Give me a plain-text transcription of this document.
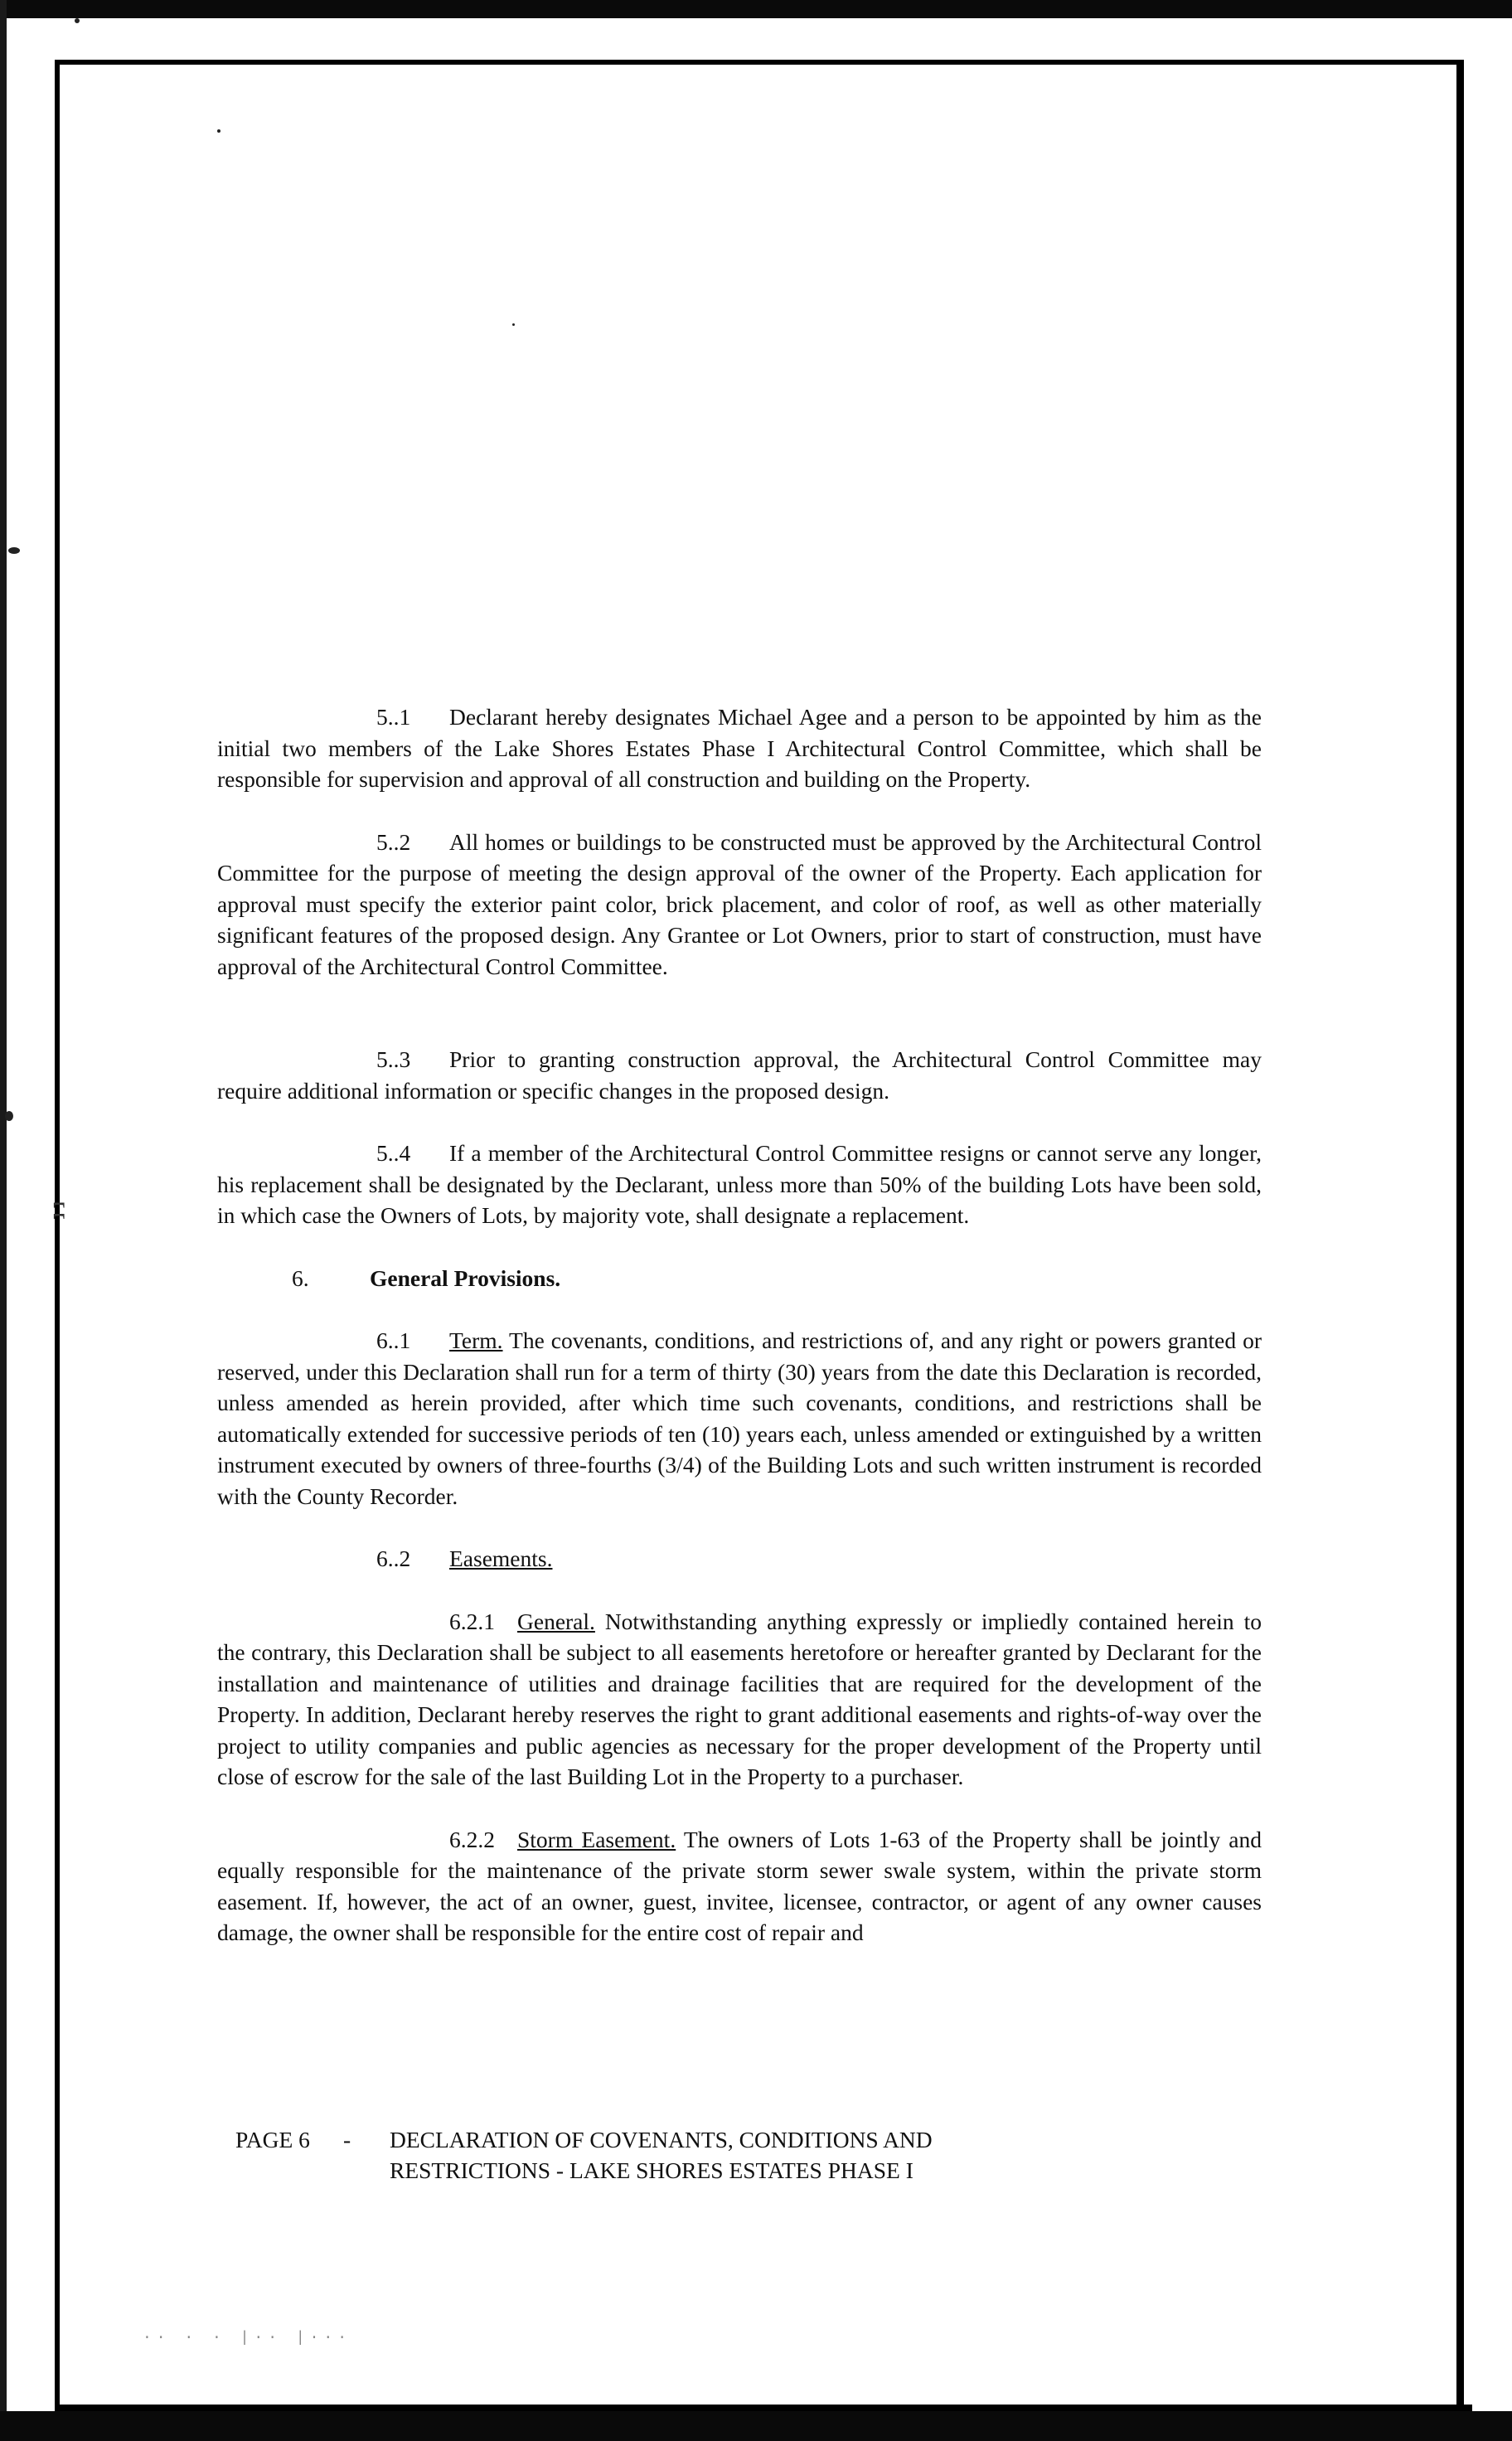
ʭ

5..1 Declarant hereby designates Michael Agee and a person to be appointed by him as the initial two members of the Lake Shores Estates Phase I Architectural Control Committee, which shall be responsible for supervision and approval of all construction and building on the Property.

5..2 All homes or buildings to be constructed must be approved by the Architectural Control Committee for the purpose of meeting the design approval of the owner of the Property. Each application for approval must specify the exterior paint color, brick placement, and color of roof, as well as other materially significant features of the proposed design. Any Grantee or Lot Owners, prior to start of construction, must have approval of the Architectural Control Committee.

5..3 Prior to granting construction approval, the Architectural Control Committee may require additional information or specific changes in the proposed design.

5..4 If a member of the Architectural Control Committee resigns or cannot serve any longer, his replacement shall be designated by the Declarant, unless more than 50% of the building Lots have been sold, in which case the Owners of Lots, by majority vote, shall designate a replacement.

6.	General Provisions.

6..1 Term. The covenants, conditions, and restrictions of, and any right or powers granted or reserved, under this Declaration shall run for a term of thirty (30) years from the date this Declaration is recorded, unless amended as herein provided, after which time such covenants, conditions, and restrictions shall be automatically extended for successive periods of ten (10) years each, unless amended or extinguished by a written instrument executed by owners of three-fourths (3/4) of the Building Lots and such written instrument is recorded with the County Recorder.

6..2 Easements.

6.2.1 General. Notwithstanding anything expressly or impliedly contained herein to the contrary, this Declaration shall be subject to all easements heretofore or hereafter granted by Declarant for the installation and maintenance of utilities and drainage facilities that are required for the development of the Property. In addition, Declarant hereby reserves the right to grant additional easements and rights-of-way over the project to utility companies and public agencies as necessary for the proper development of the Property until close of escrow for the sale of the last Building Lot in the Property to a purchaser.

6.2.2 Storm Easement. The owners of Lots 1-63 of the Property shall be jointly and equally responsible for the maintenance of the private storm sewer swale system, within the private storm easement. If, however, the act of an owner, guest, invitee, licensee, contractor, or agent of any owner causes damage, the owner shall be responsible for the entire cost of repair and

PAGE 6 - DECLARATION OF COVENANTS, CONDITIONS AND
RESTRICTIONS - LAKE SHORES ESTATES PHASE I
·· · · |·· |···
